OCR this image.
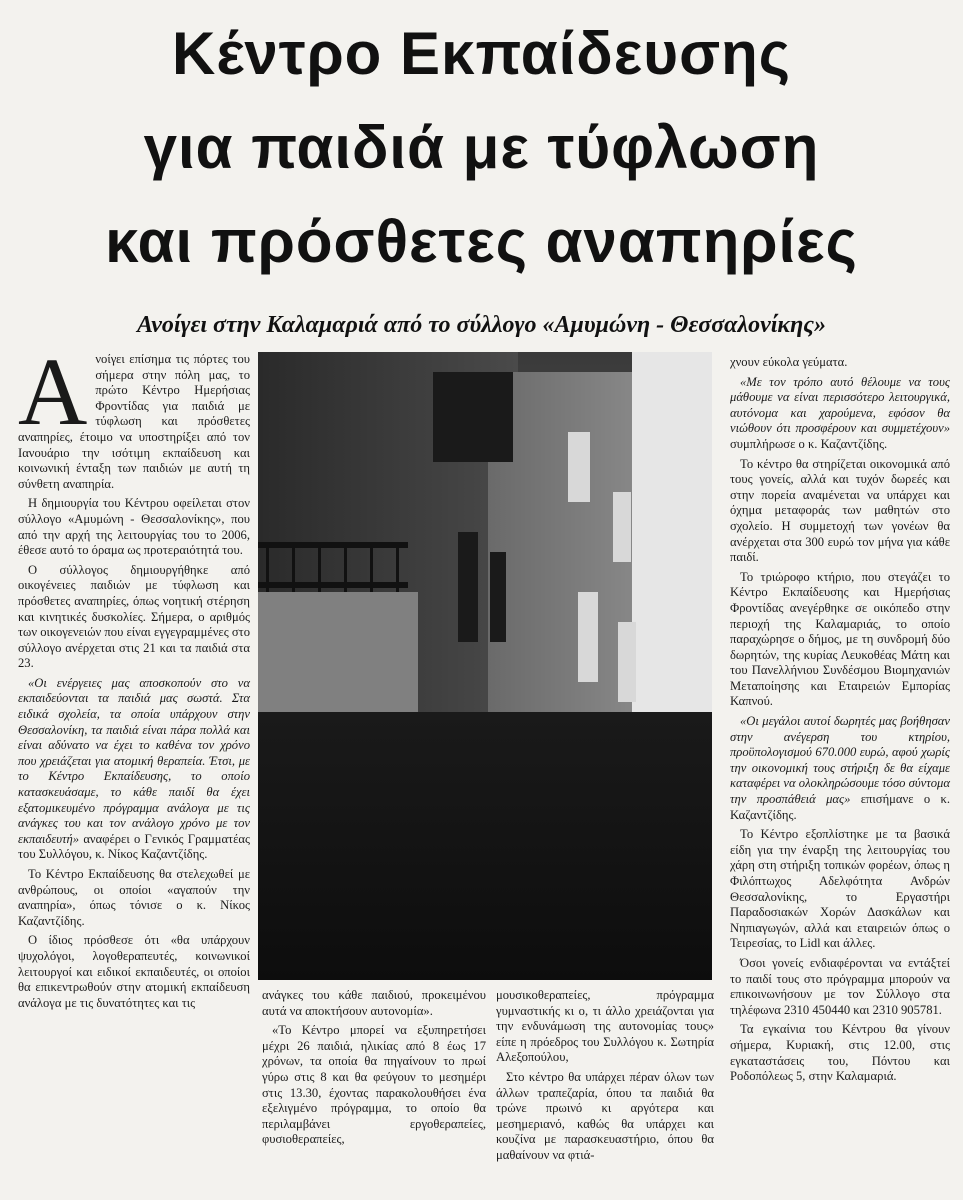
Κέντρο Εκπαίδευσης
για παιδιά με τύφλωση
και πρόσθετες αναπηρίες
Ανοίγει στην Καλαμαριά από το σύλλογο «Αμυμώνη - Θεσσαλονίκης»

Ανοίγει επίσημα τις πόρτες του σήμερα στην πόλη μας, το πρώτο Κέντρο Ημερήσιας Φροντίδας για παιδιά με τύφλωση και πρόσθετες αναπηρίες, έτοιμο να υποστηρίξει από τον Ιανουάριο την ισότιμη εκπαίδευση και κοινωνική ένταξη των παιδιών με αυτή τη σύνθετη αναπηρία.

Η δημιουργία του Κέντρου οφείλεται στον σύλλογο «Αμυμώνη - Θεσσαλονίκης», που από την αρχή της λειτουργίας του το 2006, έθεσε αυτό το όραμα ως προτεραιότητά του.

Ο σύλλογος δημιουργήθηκε από οικογένειες παιδιών με τύφλωση και πρόσθετες αναπηρίες, όπως νοητική στέρηση και κινητικές δυσκολίες. Σήμερα, ο αριθμός των οικογενειών που είναι εγγεγραμμένες στο σύλλογο ανέρχεται στις 21 και τα παιδιά στα 23.

«Οι ενέργειες μας αποσκοπούν στο να εκπαιδεύονται τα παιδιά μας σωστά. Στα ειδικά σχολεία, τα οποία υπάρχουν στην Θεσσαλονίκη, τα παιδιά είναι πάρα πολλά και είναι αδύνατο να έχει το καθένα τον χρόνο που χρειάζεται για ατομική θεραπεία. Έτσι, με το Κέντρο Εκπαίδευσης, το οποίο κατασκευάσαμε, το κάθε παιδί θα έχει εξατομικευμένο πρόγραμμα ανάλογα με τις ανάγκες του και τον ανάλογο χρόνο με τον εκπαιδευτή» αναφέρει ο Γενικός Γραμματέας του Συλλόγου, κ. Νίκος Καζαντζίδης.

Το Κέντρο Εκπαίδευσης θα στελεχωθεί με ανθρώπους, οι οποίοι «αγαπούν την αναπηρία», όπως τόνισε ο κ. Νίκος Καζαντζίδης.

Ο ίδιος πρόσθεσε ότι «θα υπάρχουν ψυχολόγοι, λογοθεραπευτές, κοινωνικοί λειτουργοί και ειδικοί εκπαιδευτές, οι οποίοι θα επικεντρωθούν στην ατομική εκπαίδευση ανάλογα με τις δυνατότητες και τις

ανάγκες του κάθε παιδιού, προκειμένου αυτά να αποκτήσουν αυτονομία».

«Το Κέντρο μπορεί να εξυπηρετήσει μέχρι 26 παιδιά, ηλικίας από 8 έως 17 χρόνων, τα οποία θα πηγαίνουν το πρωί γύρω στις 8 και θα φεύγουν το μεσημέρι στις 13.30, έχοντας παρακολουθήσει ένα εξελιγμένο πρόγραμμα, το οποίο θα περιλαμβάνει εργοθεραπείες, φυσιοθεραπείες,

μουσικοθεραπείες, πρόγραμμα γυμναστικής κι ο, τι άλλο χρειάζονται για την ενδυνάμωση της αυτονομίας τους» είπε η πρόεδρος του Συλλόγου κ. Σωτηρία Αλεξοπούλου,

Στο κέντρο θα υπάρχει πέραν όλων των άλλων τραπεζαρία, όπου τα παιδιά θα τρώνε πρωινό κι αργότερα και μεσημεριανό, καθώς θα υπάρχει και κουζίνα με παρασκευαστήριο, όπου θα μαθαίνουν να φτιά-

χνουν εύκολα γεύματα.

«Με τον τρόπο αυτό θέλουμε να τους μάθουμε να είναι περισσότερο λειτουργικά, αυτόνομα και χαρούμενα, εφόσον θα νιώθουν ότι προσφέρουν και συμμετέχουν» συμπλήρωσε ο κ. Καζαντζίδης.

Το κέντρο θα στηρίζεται οικονομικά από τους γονείς, αλλά και τυχόν δωρεές και στην πορεία αναμένεται να υπάρχει και όχημα μεταφοράς των μαθητών στο σχολείο. Η συμμετοχή των γονέων θα ανέρχεται στα 300 ευρώ τον μήνα για κάθε παιδί.

Το τριώροφο κτήριο, που στεγάζει το Κέντρο Εκπαίδευσης και Ημερήσιας Φροντίδας ανεγέρθηκε σε οικόπεδο στην περιοχή της Καλαμαριάς, το οποίο παραχώρησε ο δήμος, με τη συνδρομή δύο δωρητών, της κυρίας Λευκοθέας Μάτη και του Πανελλήνιου Συνδέσμου Βιομηχανιών Μεταποίησης και Εταιρειών Εμπορίας Καπνού.

«Οι μεγάλοι αυτοί δωρητές μας βοήθησαν στην ανέγερση του κτηρίου, προϋπολογισμού 670.000 ευρώ, αφού χωρίς την οικονομική τους στήριξη δε θα είχαμε καταφέρει να ολοκληρώσουμε τόσο σύντομα την προσπάθειά μας» επισήμανε ο κ. Καζαντζίδης.

Το Κέντρο εξοπλίστηκε με τα βασικά είδη για την έναρξη της λειτουργίας του χάρη στη στήριξη τοπικών φορέων, όπως η Φιλόπτωχος Αδελφότητα Ανδρών Θεσσαλονίκης, το Εργαστήρι Παραδοσιακών Χορών Δασκάλων και Νηπιαγωγών, αλλά και εταιρειών όπως ο Τειρεσίας, το Lidl και άλλες.

Όσοι γονείς ενδιαφέρονται να εντάξτεί το παιδί τους στο πρόγραμμα μπορούν να επικοινωνήσουν με τον Σύλλογο στα τηλέφωνα 2310 450440 και 2310 905781.

Τα εγκαίνια του Κέντρου θα γίνουν σήμερα, Κυριακή, στις 12.00, στις εγκαταστάσεις του, Πόντου και Ροδοπόλεως 5, στην Καλαμαριά.
